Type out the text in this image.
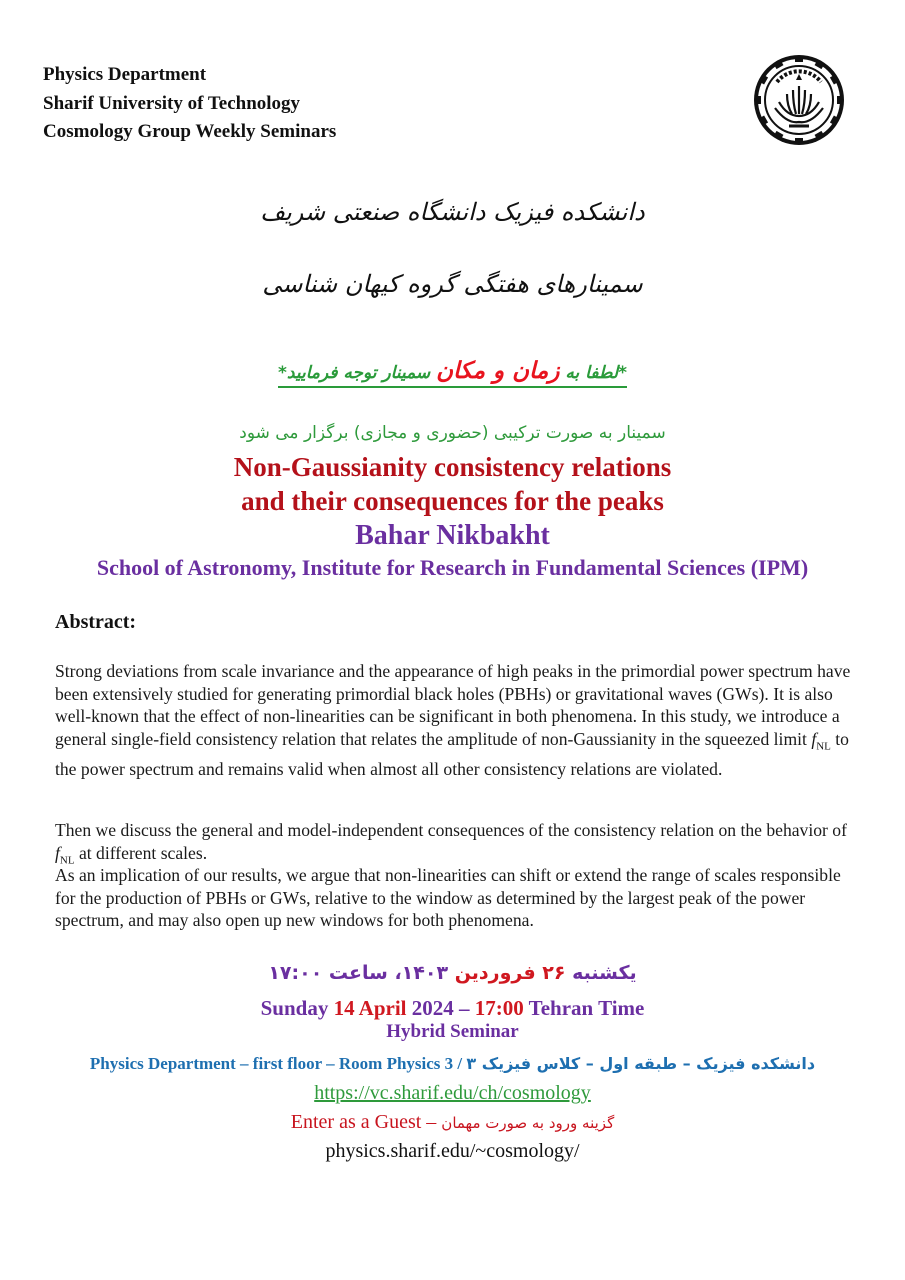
Physics Department
Sharif University of Technology
Cosmology Group Weekly Seminars
دانشکده فیزیک دانشگاه صنعتی شریف
سمینارهای هفتگی گروه کیهان شناسی
*لطفا به زمان و مکان سمینار توجه فرمایید*
سمینار به صورت ترکیبی (حضوری و مجازی) برگزار می شود
Non-Gaussianity consistency relations
and their consequences for the peaks
Bahar Nikbakht
School of Astronomy, Institute for Research in Fundamental Sciences (IPM)
Abstract:
Strong deviations from scale invariance and the appearance of high peaks in the primordial power spectrum have been extensively studied for generating primordial black holes (PBHs) or gravitational waves (GWs). It is also well-known that the effect of non-linearities can be significant in both phenomena. In this study, we introduce a general single-field consistency relation that relates the amplitude of non-Gaussianity in the squeezed limit $f_{NL}$ to the power spectrum and remains valid when almost all other consistency relations are violated.
Then we discuss the general and model-independent consequences of the consistency relation on the behavior of $f_{NL}$ at different scales.
As an implication of our results, we argue that non-linearities can shift or extend the range of scales responsible for the production of PBHs or GWs, relative to the window as determined by the largest peak of the power spectrum, and may also open up new windows for both phenomena.
یکشنبه ۲۶ فروردین ۱۴۰۳، ساعت ۱۷:۰۰
Sunday 14 April 2024 – 17:00 Tehran Time
Hybrid Seminar
Physics Department – first floor – Room Physics 3 / دانشکده فیزیک – طبقه اول – کلاس فیزیک ۳
https://vc.sharif.edu/ch/cosmology
Enter as a Guest – گزینه ورود به صورت مهمان
physics.sharif.edu/~cosmology/
